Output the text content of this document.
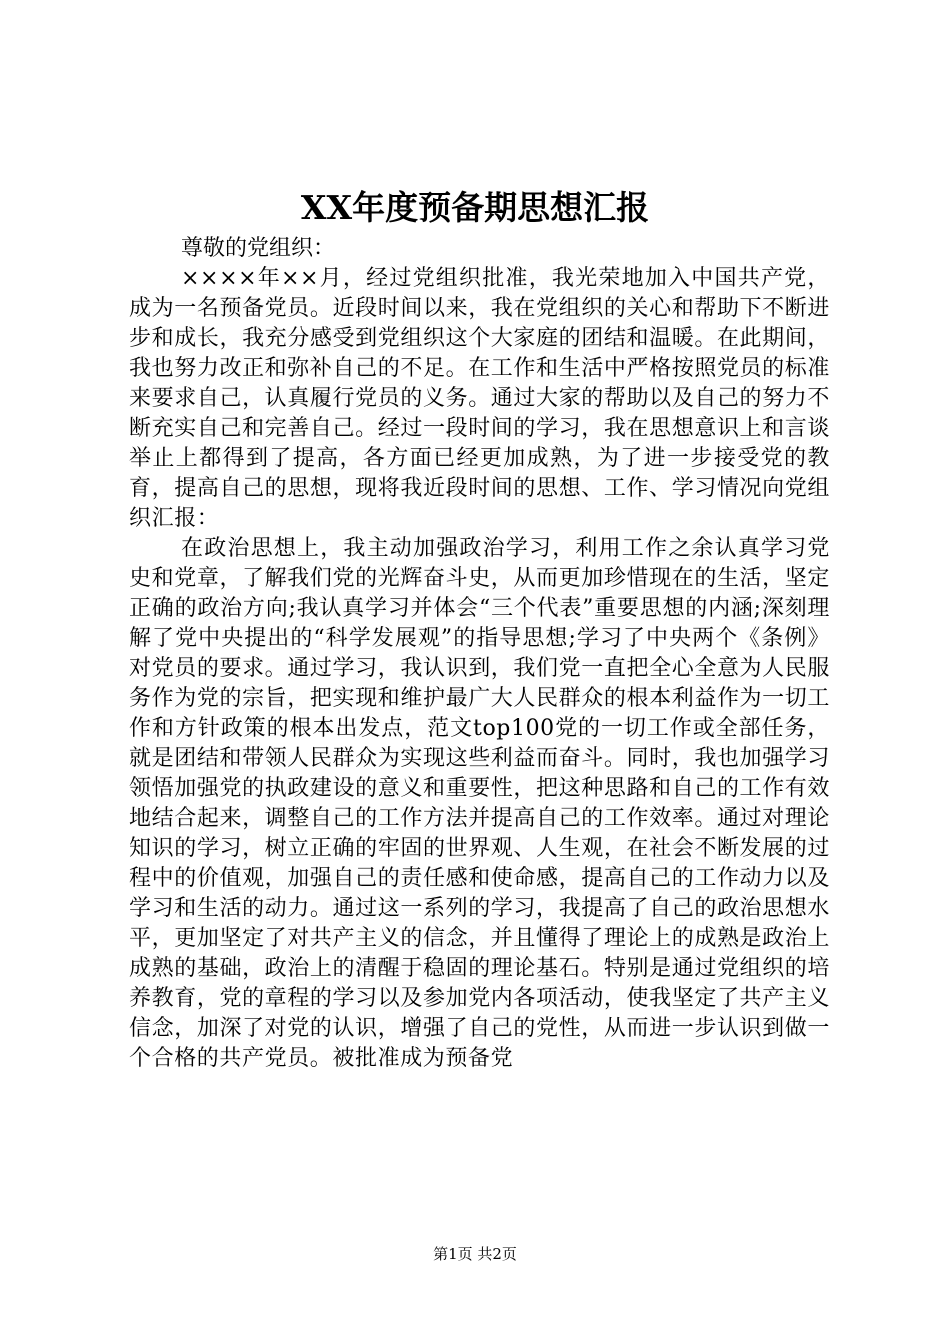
XX年度预备期思想汇报

尊敬的党组织：

××××年××月，经过党组织批准，我光荣地加入中国共产党，成为一名预备党员。近段时间以来，我在党组织的关心和帮助下不断进步和成长，我充分感受到党组织这个大家庭的团结和温暖。在此期间，我也努力改正和弥补自己的不足。在工作和生活中严格按照党员的标准来要求自己，认真履行党员的义务。通过大家的帮助以及自己的努力不断充实自己和完善自己。经过一段时间的学习，我在思想意识上和言谈举止上都得到了提高，各方面已经更加成熟，为了进一步接受党的教育，提高自己的思想，现将我近段时间的思想、工作、学习情况向党组织汇报：

在政治思想上，我主动加强政治学习，利用工作之余认真学习党史和党章，了解我们党的光辉奋斗史，从而更加珍惜现在的生活，坚定正确的政治方向;我认真学习并体会“三个代表”重要思想的内涵;深刻理解了党中央提出的“科学发展观”的指导思想;学习了中央两个《条例》对党员的要求。通过学习，我认识到，我们党一直把全心全意为人民服务作为党的宗旨，把实现和维护最广大人民群众的根本利益作为一切工作和方针政策的根本出发点，范文top100党的一切工作或全部任务，就是团结和带领人民群众为实现这些利益而奋斗。同时，我也加强学习领悟加强党的执政建设的意义和重要性，把这种思路和自己的工作有效地结合起来，调整自己的工作方法并提高自己的工作效率。通过对理论知识的学习，树立正确的牢固的世界观、人生观，在社会不断发展的过程中的价值观，加强自己的责任感和使命感，提高自己的工作动力以及学习和生活的动力。通过这一系列的学习，我提高了自己的政治思想水平，更加坚定了对共产主义的信念，并且懂得了理论上的成熟是政治上成熟的基础，政治上的清醒于稳固的理论基石。特别是通过党组织的培养教育，党的章程的学习以及参加党内各项活动，使我坚定了共产主义信念，加深了对党的认识，增强了自己的党性，从而进一步认识到做一个合格的共产党员。被批准成为预备党

第1页 共2页
